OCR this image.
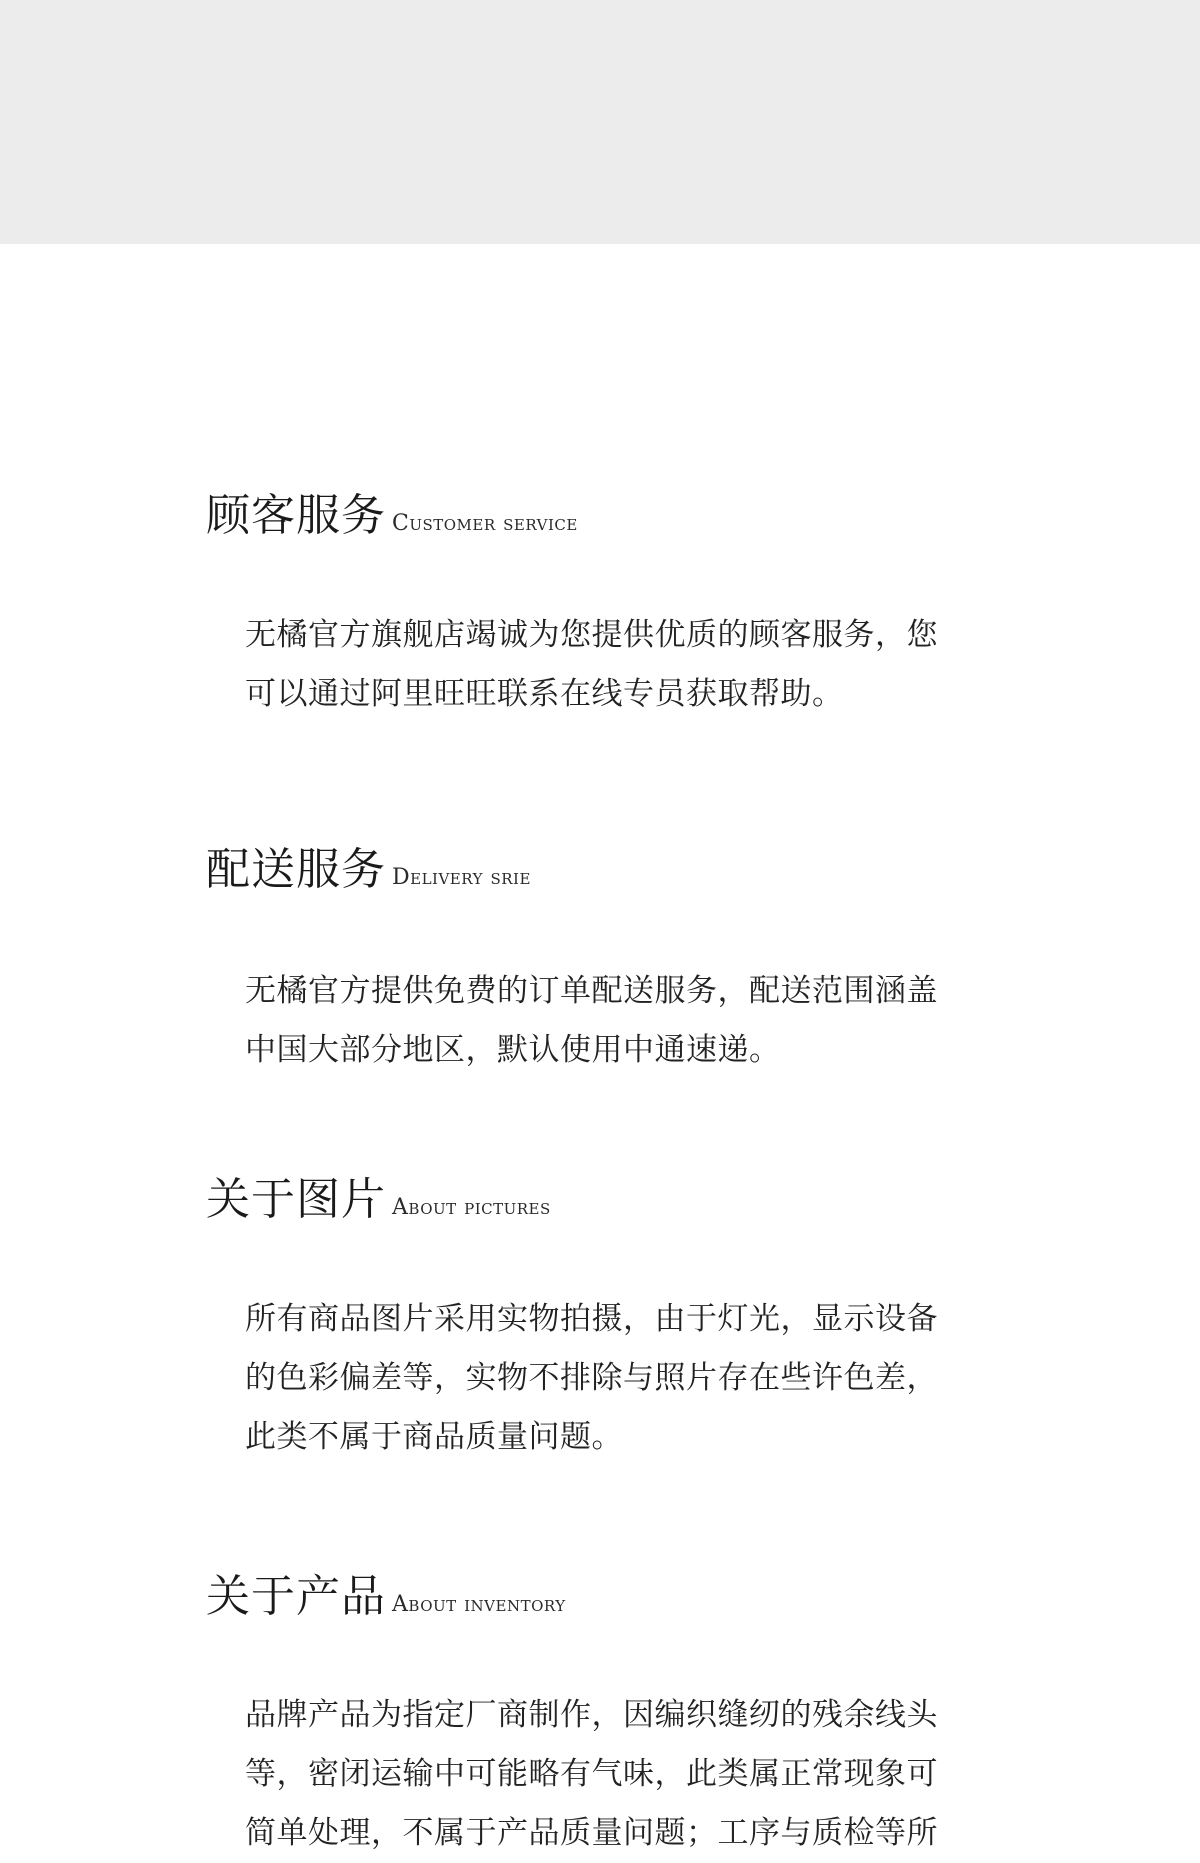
顾客服务 Customer service
无橘官方旗舰店竭诚为您提供优质的顾客服务，您
可以通过阿里旺旺联系在线专员获取帮助。
配送服务 Delivery srie
无橘官方提供免费的订单配送服务，配送范围涵盖
中国大部分地区，默认使用中通速递。
关于图片 About pictures
所有商品图片采用实物拍摄，由于灯光，显示设备
的色彩偏差等，实物不排除与照片存在些许色差，
此类不属于商品质量问题。
关于产品 About inventory
品牌产品为指定厂商制作，因编织缝纫的残余线头
等，密闭运输中可能略有气味，此类属正常现象可
简单处理，不属于产品质量问题；工序与质检等所
